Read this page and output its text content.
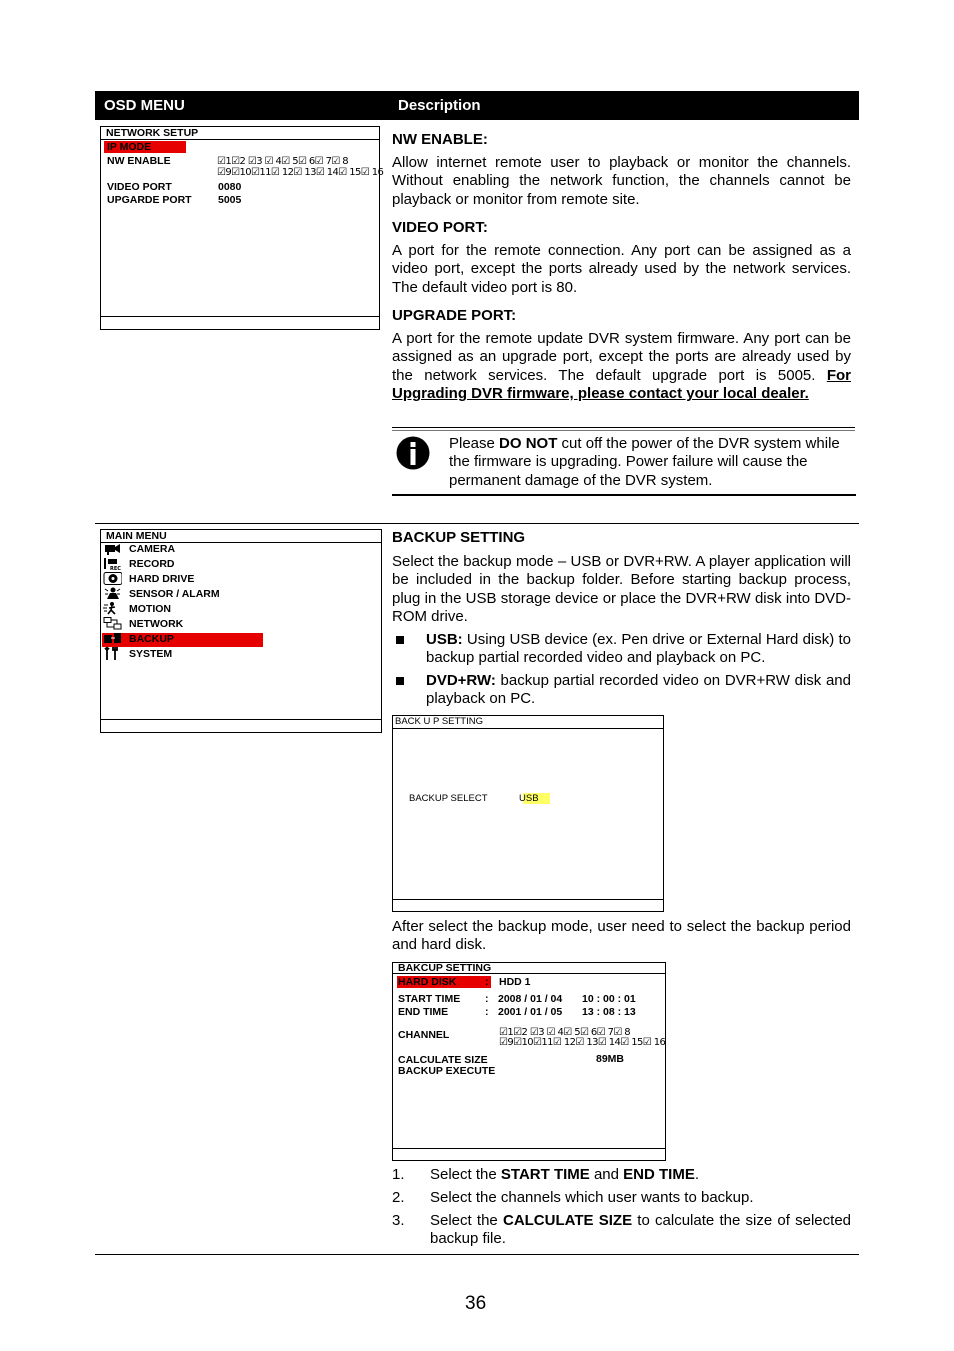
OSD MENU	Description
NETWORK SETUP
IP MODE
NW ENABLE	☑1☑2 ☑3 ☑ 4☑ 5☑ 6☑ 7☑ 8
☑9☑10☑11☑ 12☑ 13☑ 14☑ 15☑ 16
VIDEO PORT	0080
UPGARDE PORT	5005
NW ENABLE:
Allow internet remote user to playback or monitor the channels. Without enabling the network function, the channels cannot be playback or monitor from remote site.
VIDEO PORT:
A port for the remote connection. Any port can be assigned as a video port, except the ports already used by the network services. The default video port is 80.
UPGRADE PORT:
A port for the remote update DVR system firmware. Any port can be assigned as an upgrade port, except the ports are already used by the network services. The default upgrade port is 5005. For Upgrading DVR firmware, please contact your local dealer.
Please DO NOT cut off the power of the DVR system while the firmware is upgrading. Power failure will cause the permanent damage of the DVR system.
MAIN MENU
REC
CAMERA
RECORD
HARD DRIVE
SENSOR / ALARM
MOTION
NETWORK
BACKUP
SYSTEM
BACKUP SETTING
Select the backup mode – USB or DVR+RW. A player application will be included in the backup folder. Before starting backup process, plug in the USB storage device or place the DVR+RW disk into DVD-ROM drive.
USB: Using USB device (ex. Pen drive or External Hard disk) to backup partial recorded video and playback on PC.
DVD+RW: backup partial recorded video on DVR+RW disk and playback on PC.
BACK U P SETTING
BACKUP SELECT	USB
After select the backup mode, user need to select the backup period and hard disk.
BAKCUP SETTING
HARD DISK	: HDD 1
START TIME : 2008 / 01 / 04 10 : 00 : 01
END TIME	: 2001 / 01 / 05 13 : 08 : 13
CHANNEL	☑1☑2 ☑3 ☑ 4☑ 5☑ 6☑ 7☑ 8
☑9☑10☑11☑ 12☑ 13☑ 14☑ 15☑ 16
CALCULATE SIZE	89MB
BACKUP EXECUTE
1. Select the START TIME and END TIME.
2. Select the channels which user wants to backup.
3. Select the CALCULATE SIZE to calculate the size of selected backup file.
36
